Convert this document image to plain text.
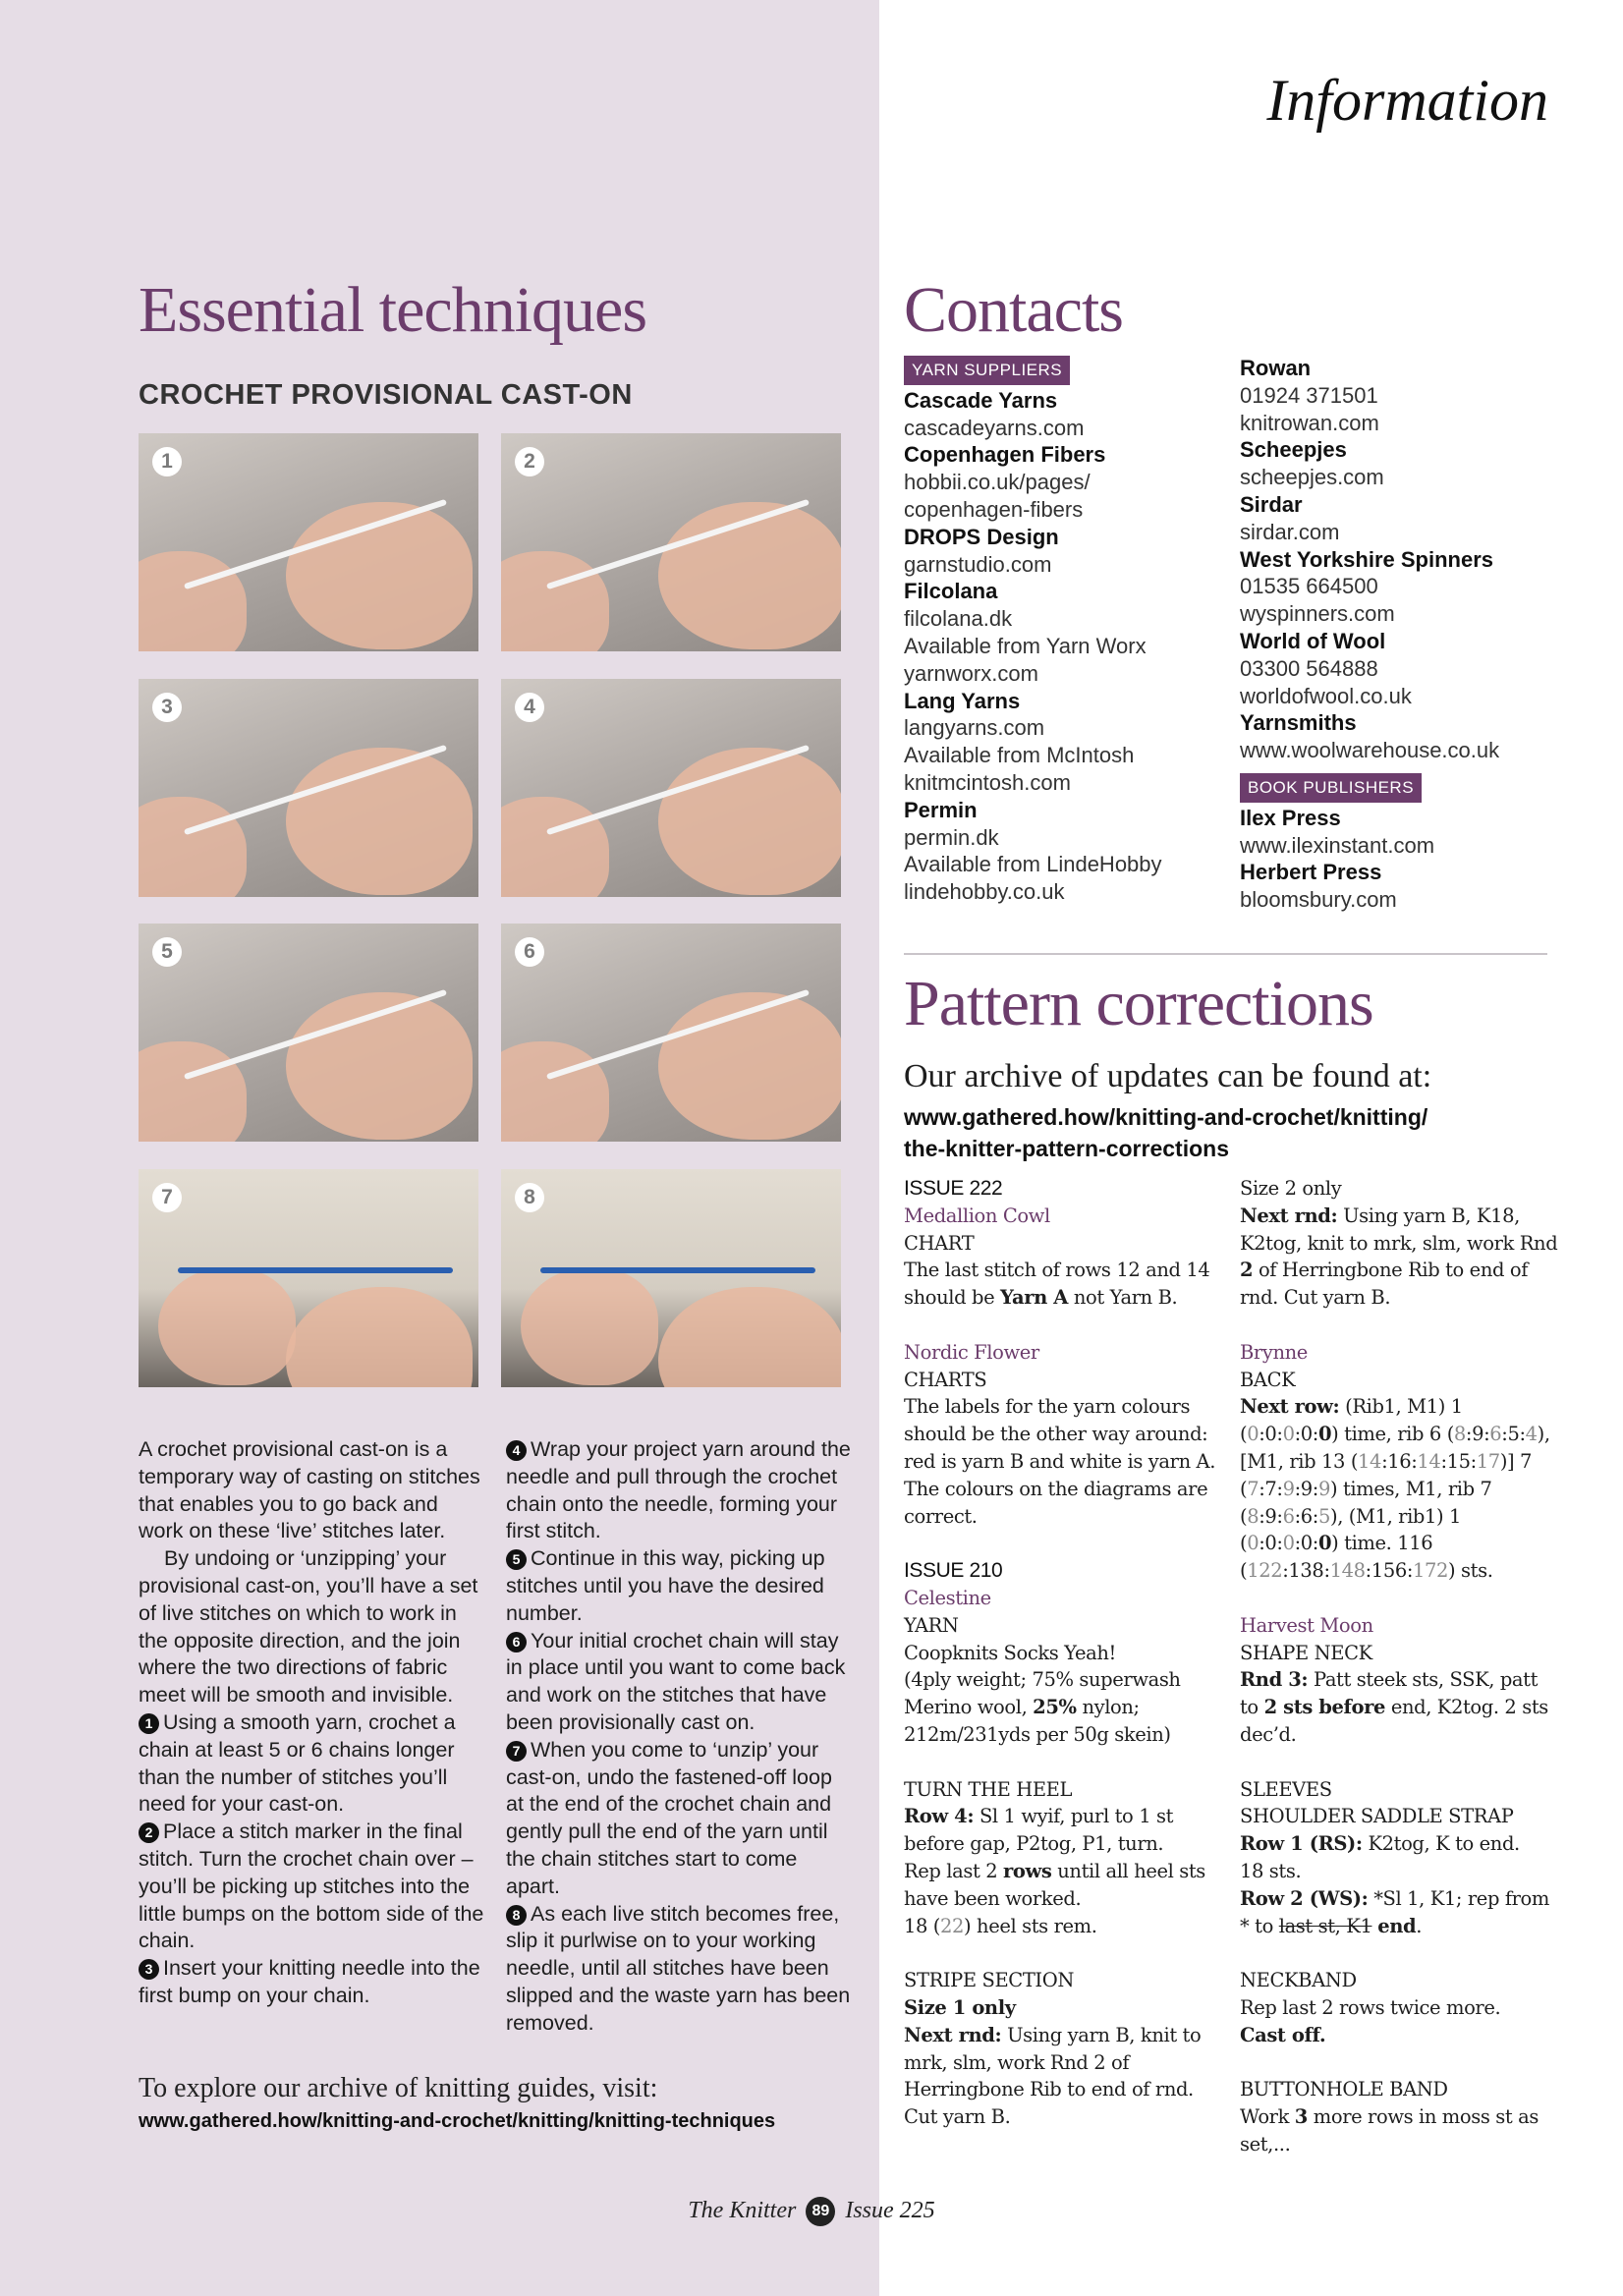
Information
Essential techniques
CROCHET PROVISIONAL CAST-ON
1	2
3	4
5	6
7	8

A crochet provisional cast-on is a temporary way of casting on stitches that enables you to go back and work on these ‘live’ stitches later.

By undoing or ‘unzipping’ your provisional cast-on, you’ll have a set of live stitches on which to work in the opposite direction, and the join where the two directions of fabric meet will be smooth and invisible.

1 Using a smooth yarn, crochet a chain at least 5 or 6 chains longer than the number of stitches you’ll need for your cast-on.

2 Place a stitch marker in the final stitch. Turn the crochet chain over – you’ll be picking up stitches into the little bumps on the bottom side of the chain.

3 Insert your knitting needle into the first bump on your chain.

4 Wrap your project yarn around the needle and pull through the crochet chain onto the needle, forming your first stitch.

5 Continue in this way, picking up stitches until you have the desired number.

6 Your initial crochet chain will stay in place until you want to come back and work on the stitches that have been provisionally cast on.

7 When you come to ‘unzip’ your cast-on, undo the fastened-off loop at the end of the crochet chain and gently pull the end of the yarn until the chain stitches start to come apart.

8 As each live stitch becomes free, slip it purlwise on to your working needle, until all stitches have been slipped and the waste yarn has been removed.

To explore our archive of knitting guides, visit:
www.gathered.how/knitting-and-crochet/knitting/knitting-techniques
Contacts
YARN SUPPLIERS
Cascade Yarns
cascadeyarns.com
Copenhagen Fibers
hobbii.co.uk/pages/
copenhagen-fibers
DROPS Design
garnstudio.com
Filcolana
filcolana.dk
Available from Yarn Worx
yarnworx.com
Lang Yarns
langyarns.com
Available from McIntosh
knitmcintosh.com
Permin
permin.dk
Available from LindeHobby
lindehobby.co.uk
Rowan
01924 371501
knitrowan.com
Scheepjes
scheepjes.com
Sirdar
sirdar.com
West Yorkshire Spinners
01535 664500
wyspinners.com
World of Wool
03300 564888
worldofwool.co.uk
Yarnsmiths
www.woolwarehouse.co.uk
BOOK PUBLISHERS
Ilex Press
www.ilexinstant.com
Herbert Press
bloomsbury.com
Pattern corrections
Our archive of updates can be found at:
www.gathered.how/knitting-and-crochet/knitting/
the-knitter-pattern-corrections
ISSUE 222
Medallion Cowl
CHART
The last stitch of rows 12 and 14 should be Yarn A not Yarn B.
Nordic Flower
CHARTS
The labels for the yarn colours should be the other way around: red is yarn B and white is yarn A. The colours on the diagrams are correct.
ISSUE 210
Celestine
YARN
Coopknits Socks Yeah!
(4ply weight; 75% superwash Merino wool, 25% nylon; 212m/231yds per 50g skein)
TURN THE HEEL
Row 4: Sl 1 wyif, purl to 1 st before gap, P2tog, P1, turn.
Rep last 2 rows until all heel sts have been worked.
18 (22) heel sts rem.
STRIPE SECTION
Size 1 only
Next rnd: Using yarn B, knit to mrk, slm, work Rnd 2 of Herringbone Rib to end of rnd. Cut yarn B.
Size 2 only
Next rnd: Using yarn B, K18, K2tog, knit to mrk, slm, work Rnd 2 of Herringbone Rib to end of rnd. Cut yarn B.
Brynne
BACK
Next row: (Rib1, M1) 1 (0:0:0:0:0) time, rib 6 (8:9:6:5:4), [M1, rib 13 (14:16:14:15:17)] 7 (7:7:9:9:9) times, M1, rib 7 (8:9:6:6:5), (M1, rib1) 1 (0:0:0:0:0) time. 116 (122:138:148:156:172) sts.
Harvest Moon
SHAPE NECK
Rnd 3: Patt steek sts, SSK, patt to 2 sts before end, K2tog. 2 sts dec’d.
SLEEVES
SHOULDER SADDLE STRAP
Row 1 (RS): K2tog, K to end.
18 sts.
Row 2 (WS): *Sl 1, K1; rep from * to last st, K1 end.
NECKBAND
Rep last 2 rows twice more.
Cast off.
BUTTONHOLE BAND
Work 3 more rows in moss st as set,...
The Knitter 89 Issue 225
